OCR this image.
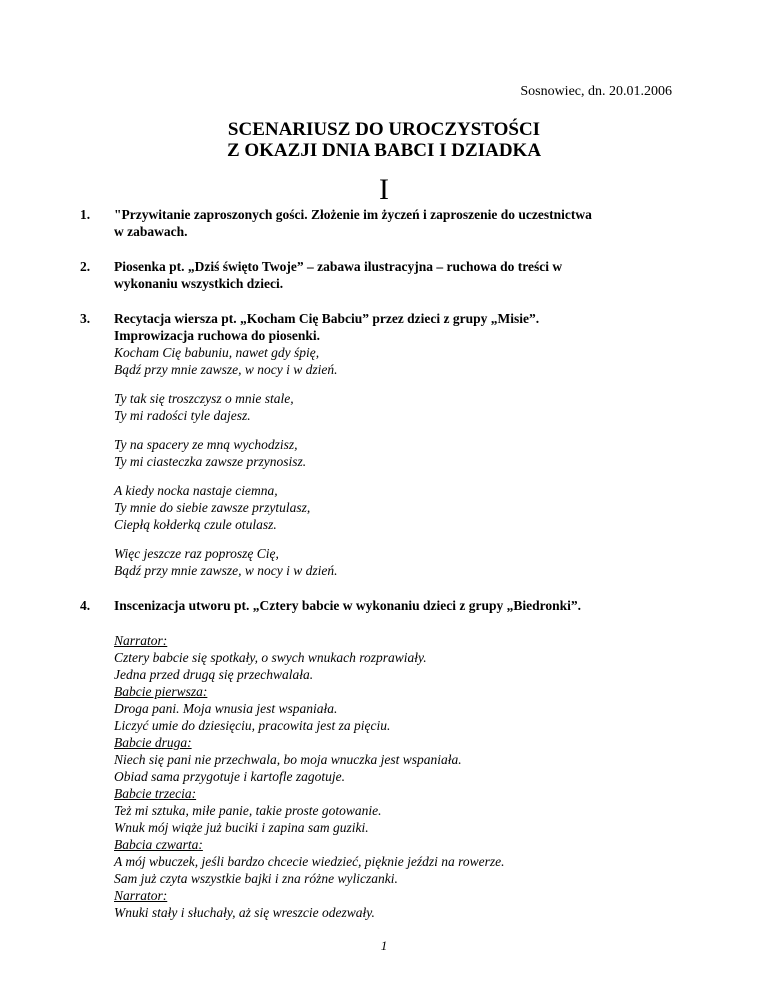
Sosnowiec, dn. 20.01.2006
SCENARIUSZ DO UROCZYSTOŚCI
Z OKAZJI DNIA BABCI I DZIADKA
I
1.	"Przywitanie zaproszonych gości. Złożenie im życzeń i zaproszenie do uczestnictwa
w zabawach.
2.	Piosenka pt. „Dziś święto Twoje” – zabawa ilustracyjna – ruchowa do treści w
wykonaniu wszystkich dzieci.
3.	Recytacja wiersza pt. „Kocham Cię Babciu” przez dzieci z grupy „Misie”.
Improwizacja ruchowa do piosenki.
Kocham Cię babuniu, nawet gdy śpię,
Bądź przy mnie zawsze, w nocy i w dzień.
Ty tak się troszczysz o mnie stale,
Ty mi radości tyle dajesz.
Ty na spacery ze mną wychodzisz,
Ty mi ciasteczka zawsze przynosisz.
A kiedy nocka nastaje ciemna,
Ty mnie do siebie zawsze przytulasz,
Ciepłą kołderką czule otulasz.
Więc jeszcze raz poproszę Cię,
Bądź przy mnie zawsze, w nocy i w dzień.
4.	Inscenizacja utworu pt. „Cztery babcie w wykonaniu dzieci z grupy „Biedronki”.
Narrator:
Cztery babcie się spotkały, o swych wnukach rozprawiały.
Jedna przed drugą się przechwalała.
Babcie pierwsza:
Droga pani. Moja wnusia jest wspaniała.
Liczyć umie do dziesięciu, pracowita jest za pięciu.
Babcie druga:
Niech się pani nie przechwala, bo moja wnuczka jest wspaniała.
Obiad sama przygotuje i kartofle zagotuje.
Babcie trzecia:
Też mi sztuka, miłe panie, takie proste gotowanie.
Wnuk mój wiąże już buciki i zapina sam guziki.
Babcia czwarta:
A mój wbuczek, jeśli bardzo chcecie wiedzieć, pięknie jeździ na rowerze.
Sam już czyta wszystkie bajki i zna różne wyliczanki.
Narrator:
Wnuki stały i słuchały, aż się wreszcie odezwały.
1
